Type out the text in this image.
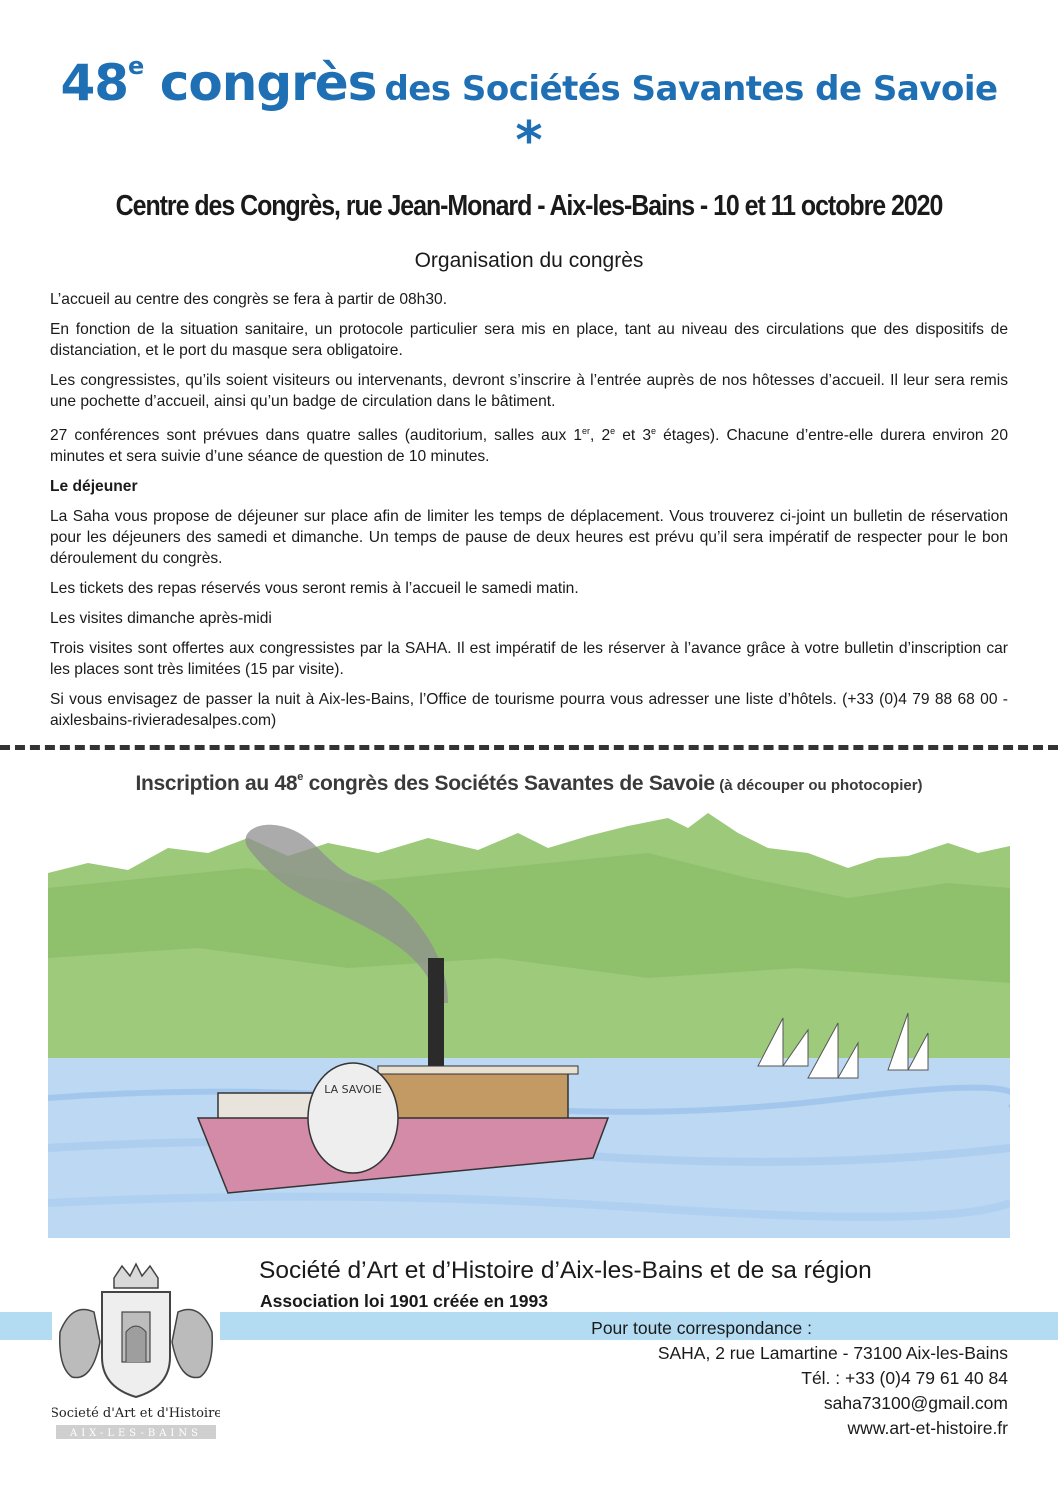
48e congrès des Sociétés Savantes de Savoie
*
Centre des Congrès, rue Jean-Monard - Aix-les-Bains - 10 et 11 octobre 2020
Organisation du congrès

L’accueil au centre des congrès se fera à partir de 08h30.

En fonction de la situation sanitaire, un protocole particulier sera mis en place, tant au niveau des circulations que des dispositifs de distanciation, et le port du masque sera obligatoire.

Les congressistes, qu’ils soient visiteurs ou intervenants, devront s’inscrire à l’entrée auprès de nos hôtesses d’accueil. Il leur sera remis une pochette d’accueil, ainsi qu’un badge de circulation dans le bâtiment.

27 conférences sont prévues dans quatre salles (auditorium, salles aux 1er, 2e et 3e étages). Chacune d’entre-elle durera environ 20 minutes et sera suivie d’une séance de question de 10 minutes.

Le déjeuner

La Saha vous propose de déjeuner sur place afin de limiter les temps de déplacement. Vous trouverez ci-joint un bulletin de réservation pour les déjeuners des samedi et dimanche. Un temps de pause de deux heures est prévu qu’il sera impératif de respecter pour le bon déroulement du congrès.

Les tickets des repas réservés vous seront remis à l’accueil le samedi matin.

Les visites dimanche après-midi

Trois visites sont offertes aux congressistes par la SAHA. Il est impératif de les réserver à l’avance grâce à votre bulletin d’inscription car les places sont très limitées (15 par visite).

Si vous envisagez de passer la nuit à Aix-les-Bains, l’Office de tourisme pourra vous adresser une liste d’hôtels. (+33 (0)4 79 88 68 00 - aixlesbains-rivieradesalpes.com)

Inscription au 48e congrès des Sociétés Savantes de Savoie (à découper ou photocopier)
LA SAVOIE
Societé d'Art et d'Histoire
AIX-LES-BAINS
Société d’Art et d’Histoire d’Aix-les-Bains et de sa région
Association loi 1901 créée en 1993
Pour toute correspondance :
SAHA, 2 rue Lamartine - 73100 Aix-les-Bains
Tél. : +33 (0)4 79 61 40 84
saha73100@gmail.com
www.art-et-histoire.fr
